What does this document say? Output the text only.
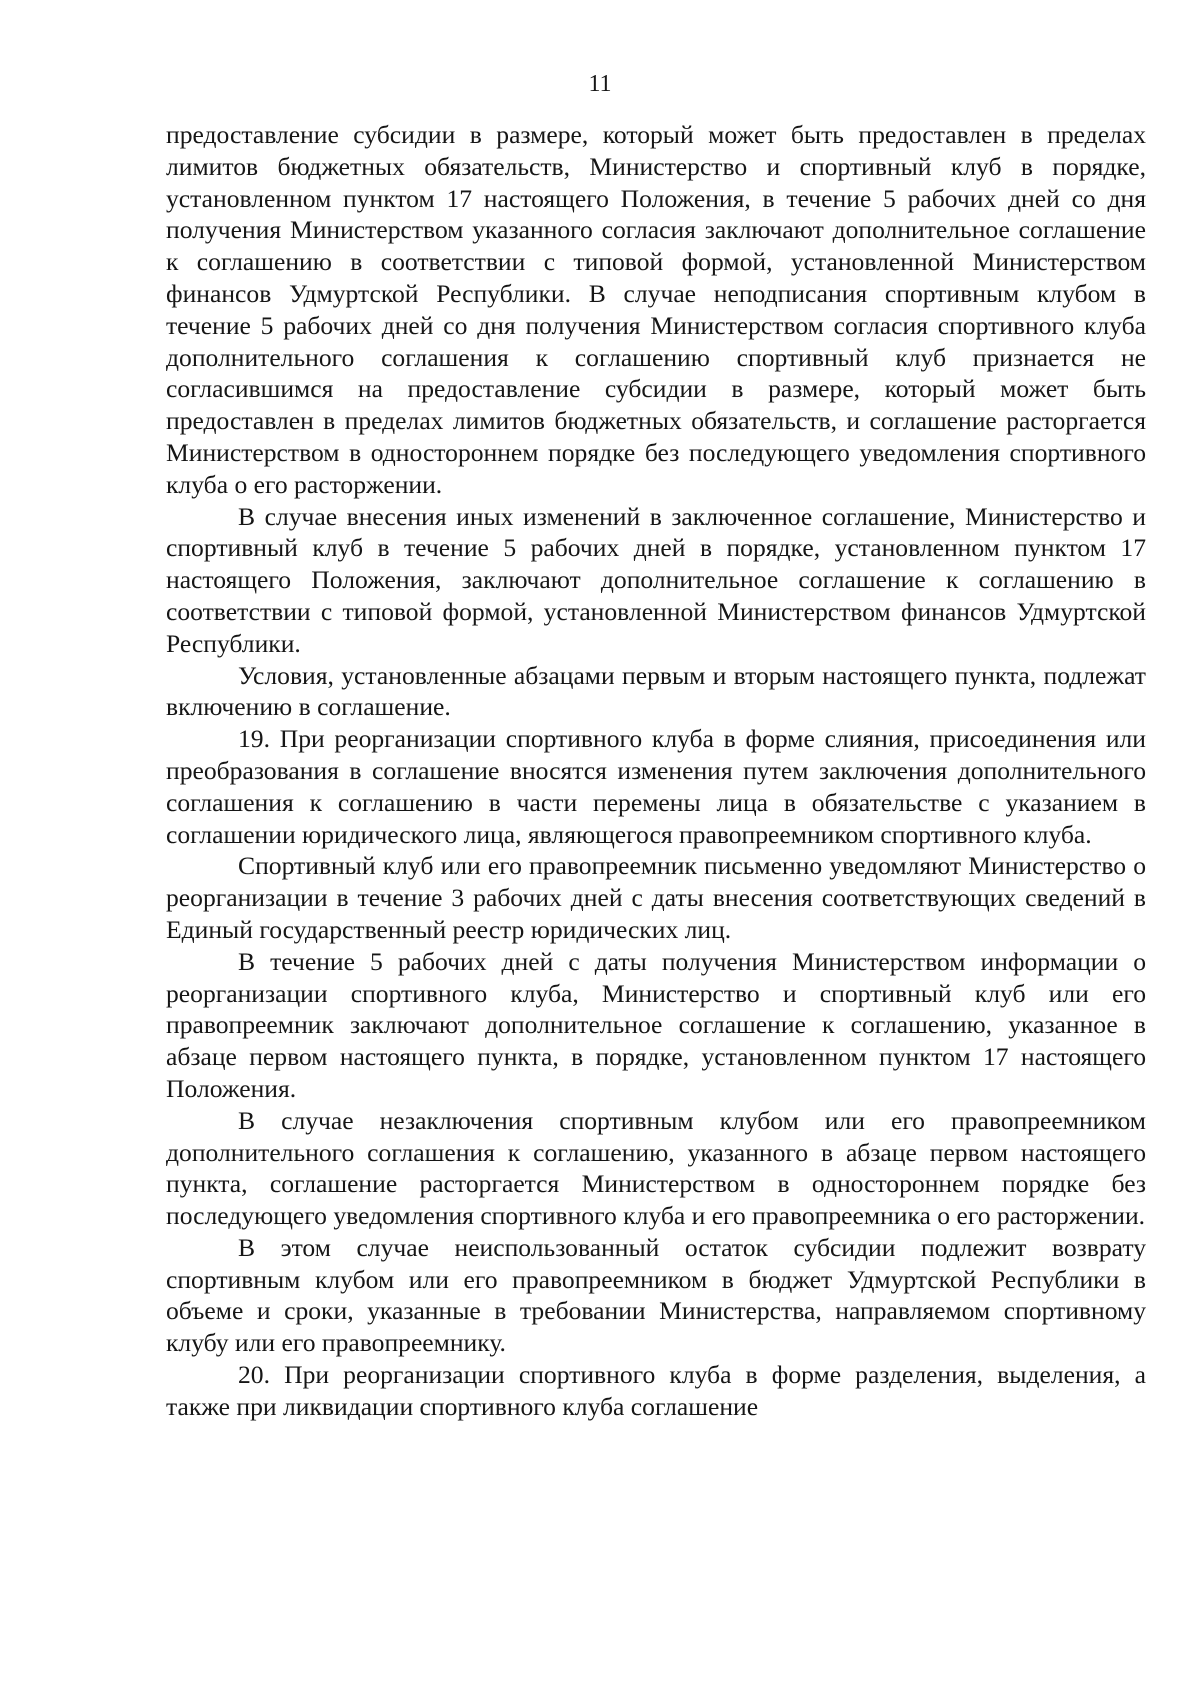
11

предоставление субсидии в размере, который может быть предоставлен в пределах лимитов бюджетных обязательств, Министерство и спортивный клуб в порядке, установленном пунктом 17 настоящего Положения, в течение 5 рабочих дней со дня получения Министерством указанного согласия заключают дополнительное соглашение к соглашению в соответствии с типовой формой, установленной Министерством финансов Удмуртской Республики. В случае неподписания спортивным клубом в течение 5 рабочих дней со дня получения Министерством согласия спортивного клуба дополнительного соглашения к соглашению спортивный клуб признается не согласившимся на предоставление субсидии в размере, который может быть предоставлен в пределах лимитов бюджетных обязательств, и соглашение расторгается Министерством в одностороннем порядке без последующего уведомления спортивного клуба о его расторжении.

В случае внесения иных изменений в заключенное соглашение, Министерство и спортивный клуб в течение 5 рабочих дней в порядке, установленном пунктом 17 настоящего Положения, заключают дополнительное соглашение к соглашению в соответствии с типовой формой, установленной Министерством финансов Удмуртской Республики.

Условия, установленные абзацами первым и вторым настоящего пункта, подлежат включению в соглашение.

19. При реорганизации спортивного клуба в форме слияния, присоединения или преобразования в соглашение вносятся изменения путем заключения дополнительного соглашения к соглашению в части перемены лица в обязательстве с указанием в соглашении юридического лица, являющегося правопреемником спортивного клуба.

Спортивный клуб или его правопреемник письменно уведомляют Министерство о реорганизации в течение 3 рабочих дней с даты внесения соответствующих сведений в Единый государственный реестр юридических лиц.

В течение 5 рабочих дней с даты получения Министерством информации о реорганизации спортивного клуба, Министерство и спортивный клуб или его правопреемник заключают дополнительное соглашение к соглашению, указанное в абзаце первом настоящего пункта, в порядке, установленном пунктом 17 настоящего Положения.

В случае незаключения спортивным клубом или его правопреемником дополнительного соглашения к соглашению, указанного в абзаце первом настоящего пункта, соглашение расторгается Министерством в одностороннем порядке без последующего уведомления спортивного клуба и его правопреемника о его расторжении.

В этом случае неиспользованный остаток субсидии подлежит возврату спортивным клубом или его правопреемником в бюджет Удмуртской Республики в объеме и сроки, указанные в требовании Министерства, направляемом спортивному клубу или его правопреемнику.

20. При реорганизации спортивного клуба в форме разделения, выделения, а также при ликвидации спортивного клуба соглашение
